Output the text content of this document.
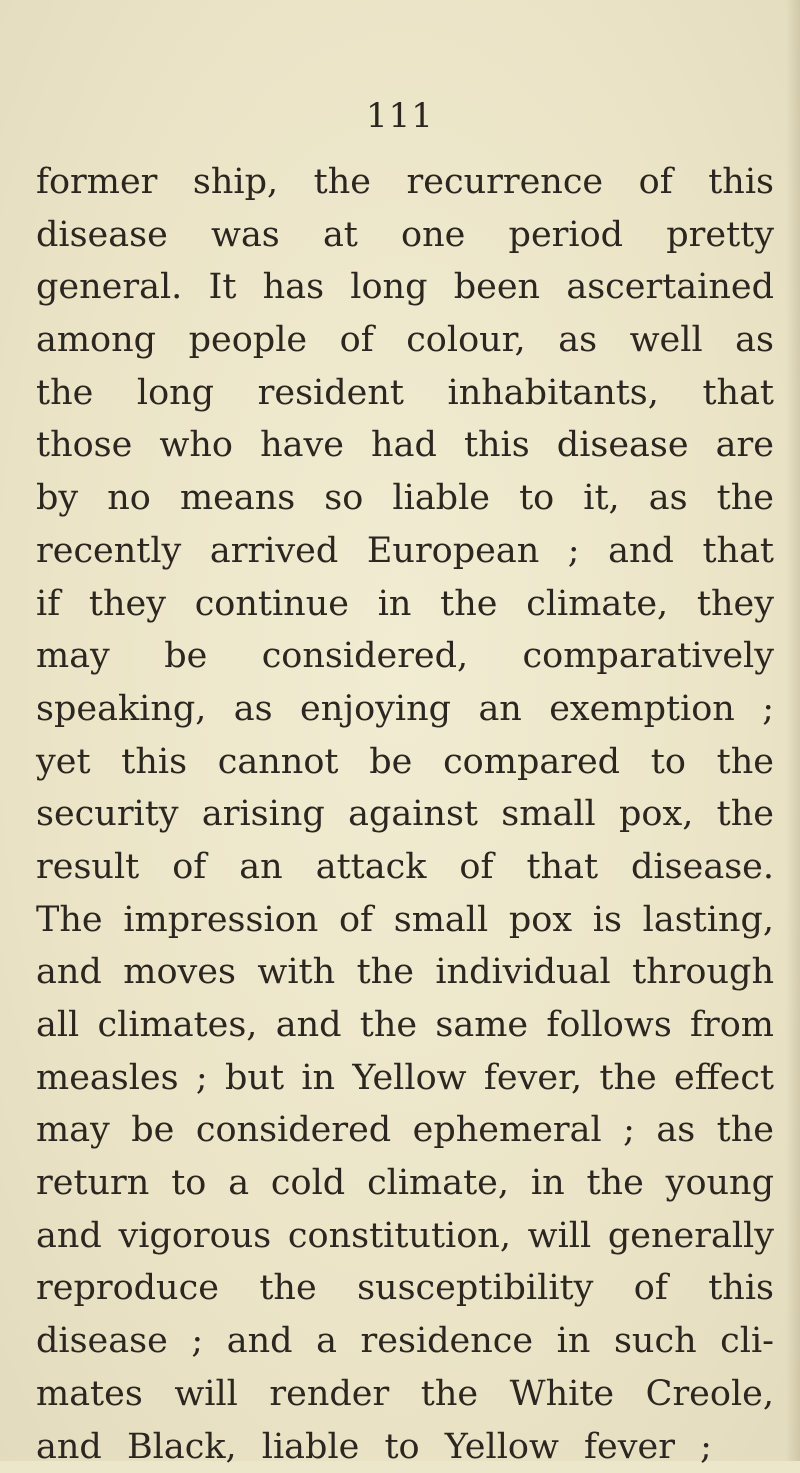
111
former ship, the recurrence of this
disease was at one period pretty
general. It has long been ascertained
among people of colour, as well as
the long resident inhabitants, that
those who have had this disease are
by no means so liable to it, as the
recently arrived European ; and that
if they continue in the climate, they
may be considered, comparatively
speaking, as enjoying an exemption ;
yet this cannot be compared to the
security arising against small pox, the
result of an attack of that disease.
The impression of small pox is lasting,
and moves with the individual through
all climates, and the same follows from
measles ; but in Yellow fever, the effect
may be considered ephemeral ; as the
return to a cold climate, in the young
and vigorous constitution, will generally
reproduce the susceptibility of this
disease ; and a residence in such cli-
mates will render the White Creole,
and Black, liable to Yellow fever ;
